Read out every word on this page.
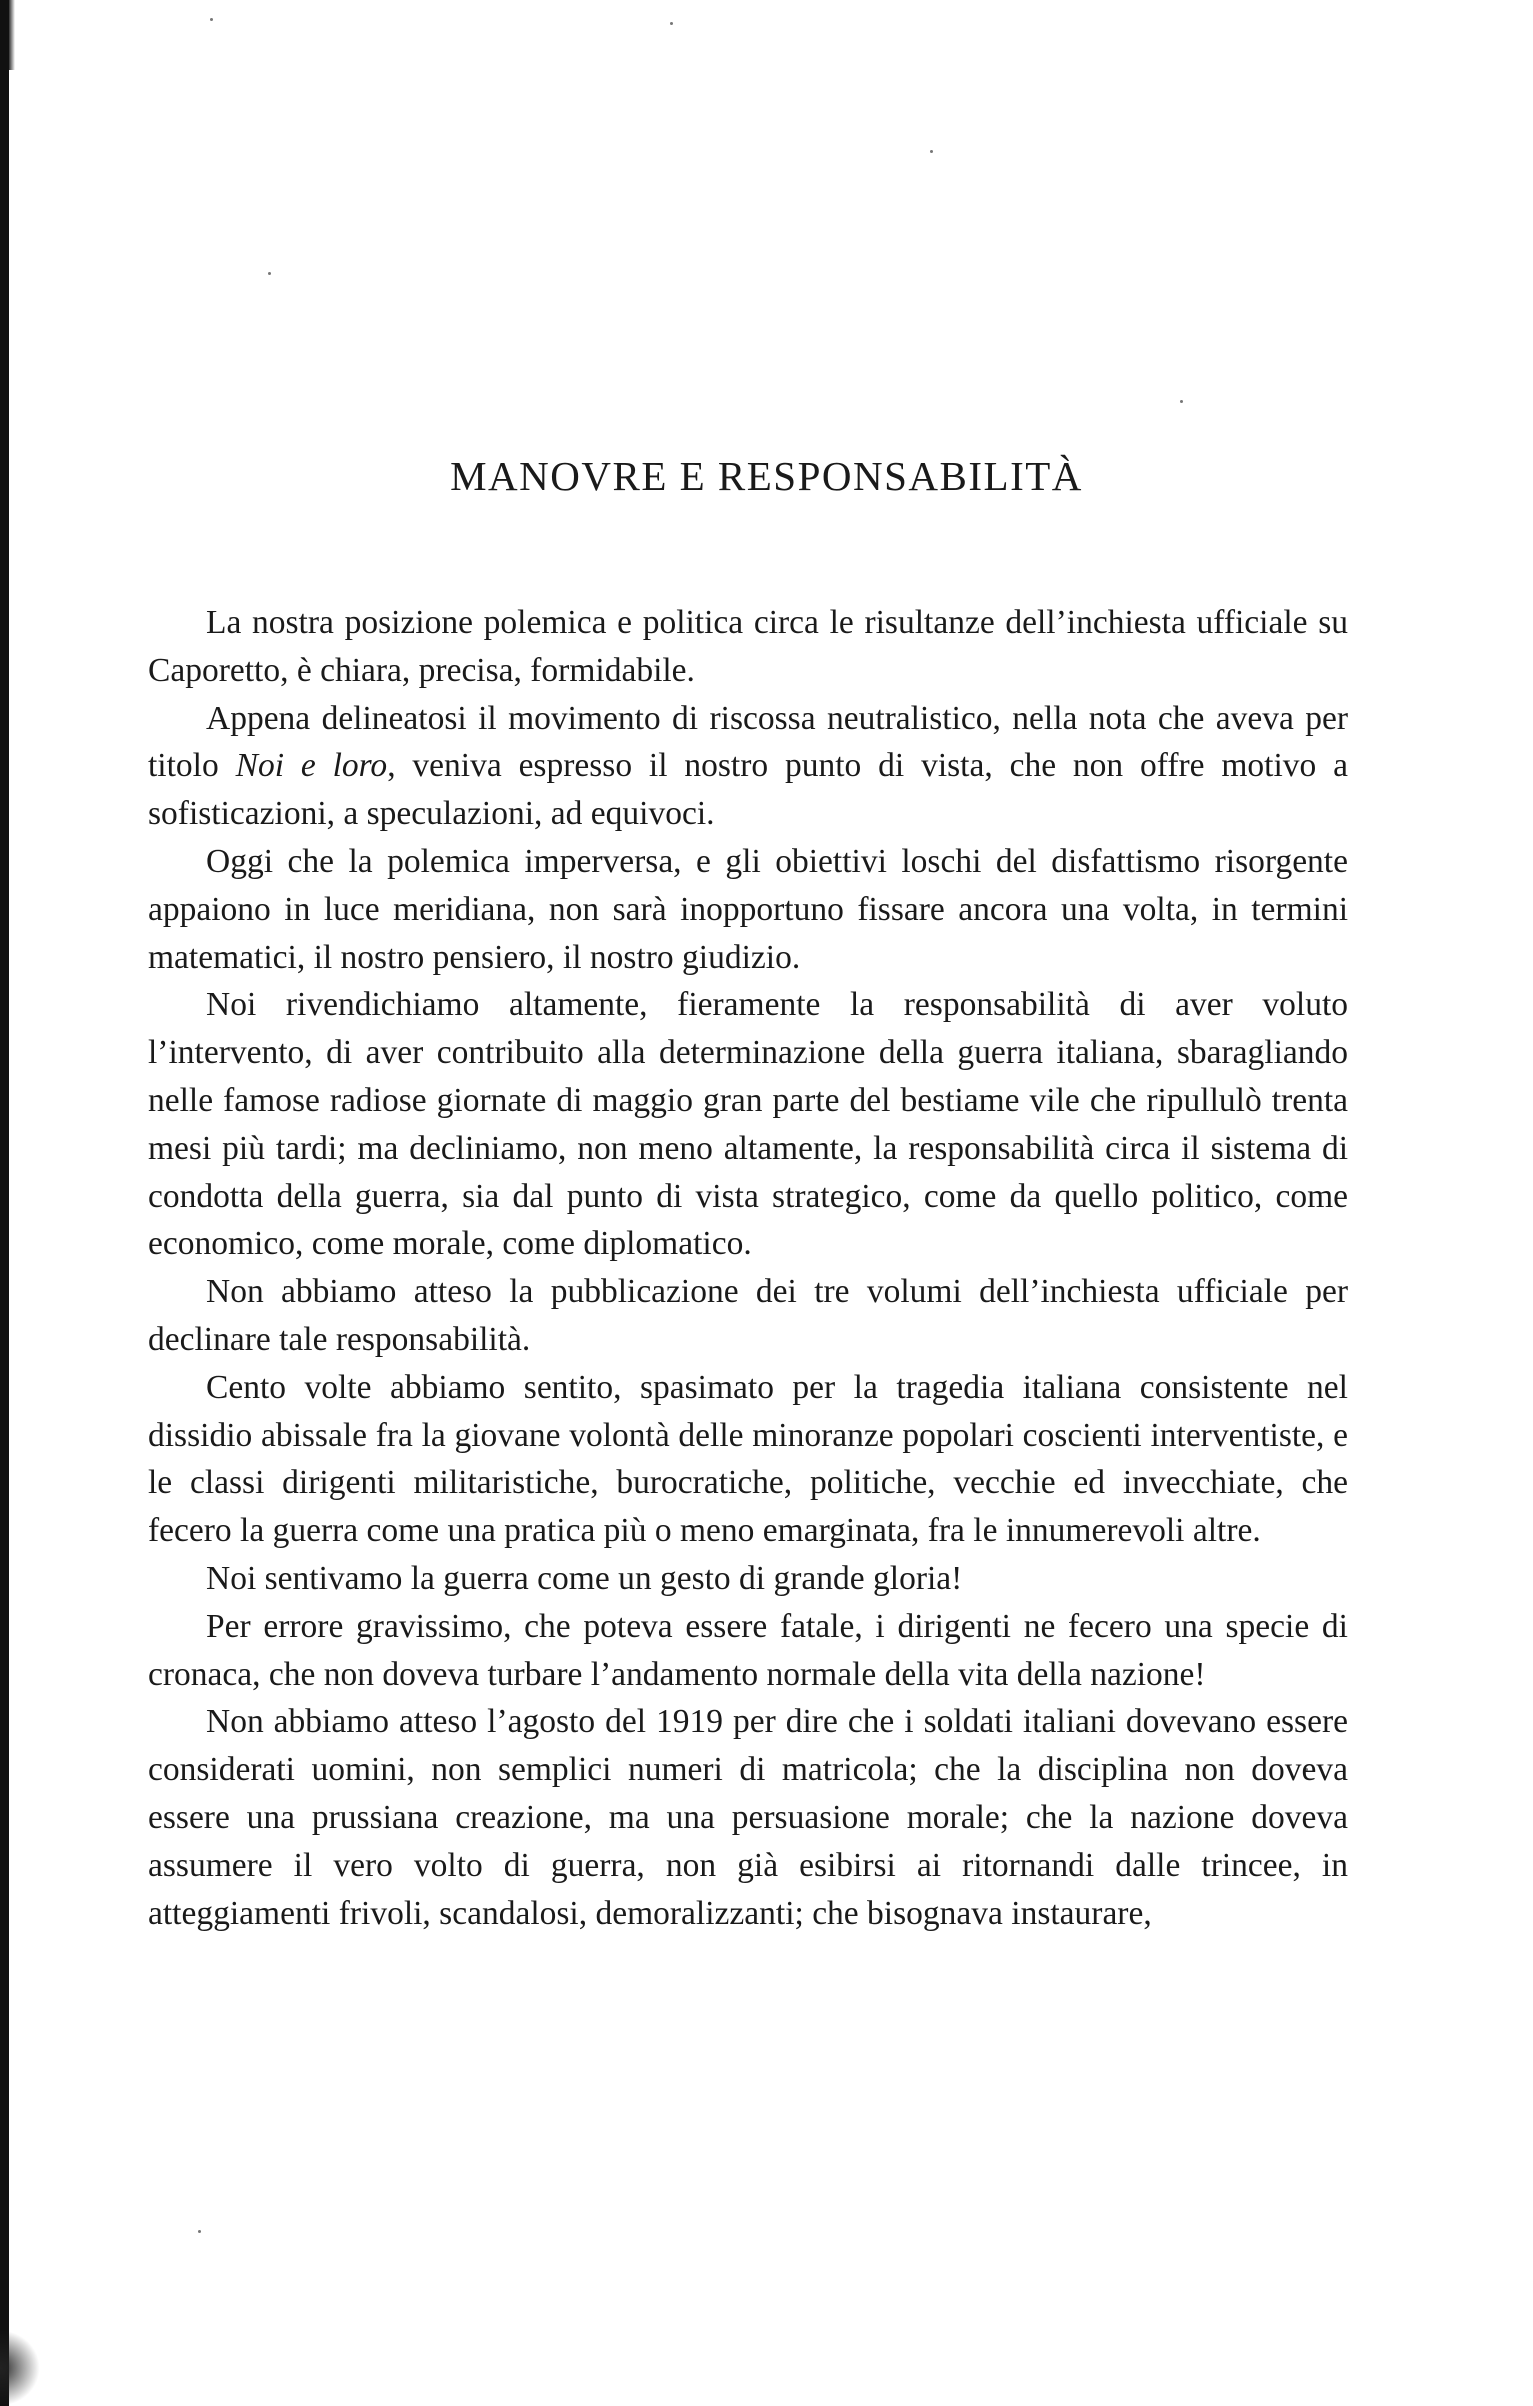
MANOVRE E RESPONSABILITÀ

La nostra posizione polemica e politica circa le risultanze dell’inchiesta ufficiale su Caporetto, è chiara, precisa, formidabile.

Appena delineatosi il movimento di riscossa neutralistico, nella nota che aveva per titolo Noi e loro, veniva espresso il nostro punto di vista, che non offre motivo a sofisticazioni, a speculazioni, ad equivoci.

Oggi che la polemica imperversa, e gli obiettivi loschi del disfattismo risorgente appaiono in luce meridiana, non sarà inopportuno fissare ancora una volta, in termini matematici, il nostro pensiero, il nostro giudizio.

Noi rivendichiamo altamente, fieramente la responsabilità di aver voluto l’intervento, di aver contribuito alla determinazione della guerra italiana, sbaragliando nelle famose radiose giornate di maggio gran parte del bestiame vile che ripullulò trenta mesi più tardi; ma decliniamo, non meno altamente, la responsabilità circa il sistema di condotta della guerra, sia dal punto di vista strategico, come da quello politico, come economico, come morale, come diplomatico.

Non abbiamo atteso la pubblicazione dei tre volumi dell’inchiesta ufficiale per declinare tale responsabilità.

Cento volte abbiamo sentito, spasimato per la tragedia italiana consistente nel dissidio abissale fra la giovane volontà delle minoranze popolari coscienti interventiste, e le classi dirigenti militaristiche, burocratiche, politiche, vecchie ed invecchiate, che fecero la guerra come una pratica più o meno emarginata, fra le innumerevoli altre.

Noi sentivamo la guerra come un gesto di grande gloria!

Per errore gravissimo, che poteva essere fatale, i dirigenti ne fecero una specie di cronaca, che non doveva turbare l’andamento normale della vita della nazione!

Non abbiamo atteso l’agosto del 1919 per dire che i soldati italiani dovevano essere considerati uomini, non semplici numeri di matricola; che la disciplina non doveva essere una prussiana creazione, ma una persuasione morale; che la nazione doveva assumere il vero volto di guerra, non già esibirsi ai ritornandi dalle trincee, in atteggiamenti frivoli, scandalosi, demoralizzanti; che bisognava instaurare,
